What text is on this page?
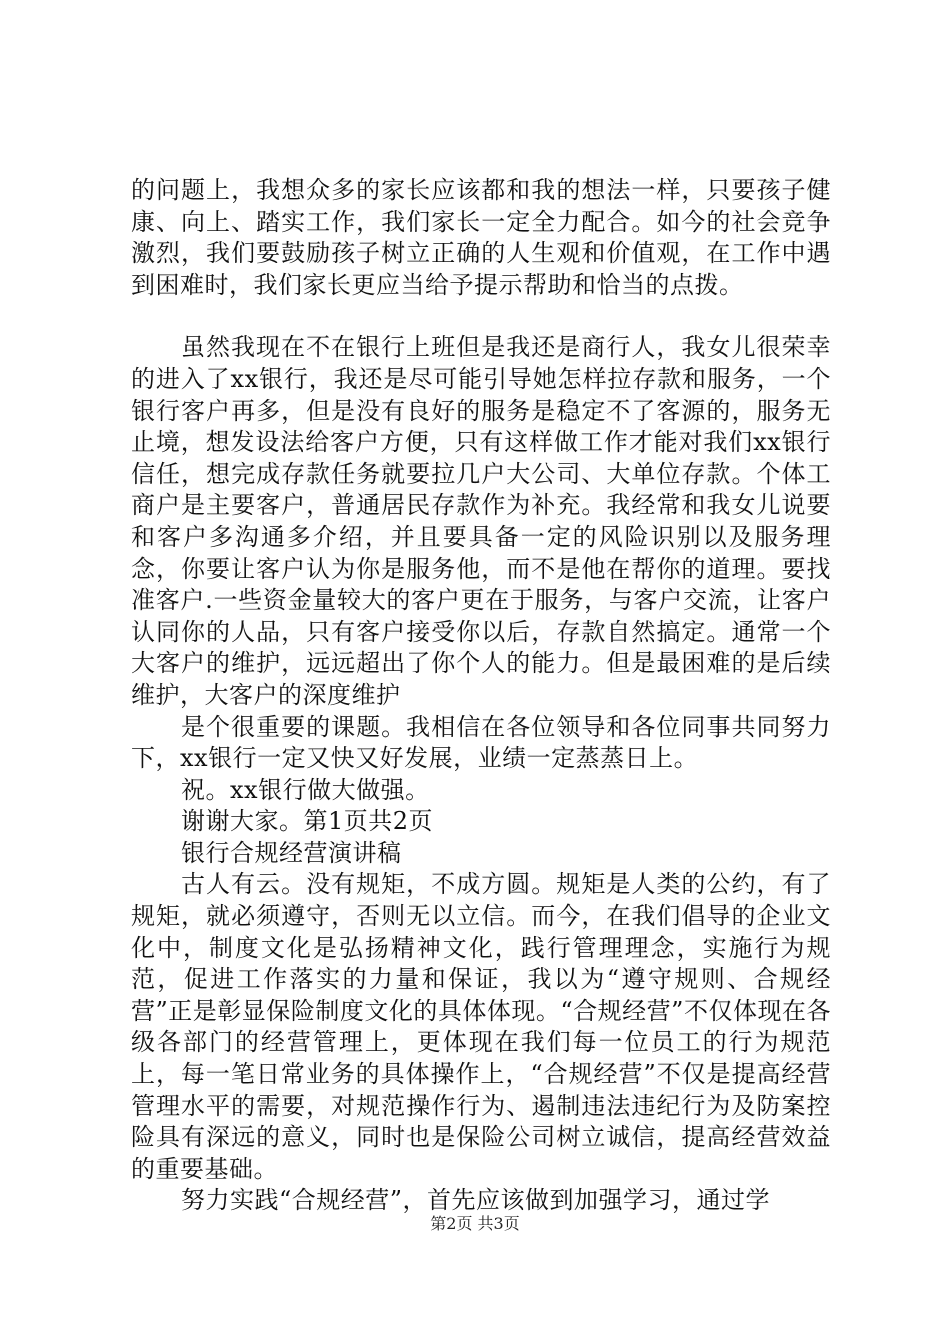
的问题上，我想众多的家长应该都和我的想法一样，只要孩子健康、向上、踏实工作，我们家长一定全力配合。如今的社会竞争激烈，我们要鼓励孩子树立正确的人生观和价值观，在工作中遇到困难时，我们家长更应当给予提示帮助和恰当的点拨。

虽然我现在不在银行上班但是我还是商行人，我女儿很荣幸的进入了xx银行，我还是尽可能引导她怎样拉存款和服务，一个银行客户再多，但是没有良好的服务是稳定不了客源的，服务无止境，想发设法给客户方便，只有这样做工作才能对我们xx银行信任，想完成存款任务就要拉几户大公司、大单位存款。个体工商户是主要客户，普通居民存款作为补充。我经常和我女儿说要和客户多沟通多介绍，并且要具备一定的风险识别以及服务理念，你要让客户认为你是服务他，而不是他在帮你的道理。要找准客户.一些资金量较大的客户更在于服务，与客户交流，让客户认同你的人品，只有客户接受你以后，存款自然搞定。通常一个大客户的维护，远远超出了你个人的能力。但是最困难的是后续维护，大客户的深度维护

是个很重要的课题。我相信在各位领导和各位同事共同努力下，xx银行一定又快又好发展，业绩一定蒸蒸日上。

祝。xx银行做大做强。

谢谢大家。第1页共2页

银行合规经营演讲稿

古人有云。没有规矩，不成方圆。规矩是人类的公约，有了规矩，就必须遵守，否则无以立信。而今，在我们倡导的企业文化中，制度文化是弘扬精神文化，践行管理理念，实施行为规范，促进工作落实的力量和保证，我以为“遵守规则、合规经营”正是彰显保险制度文化的具体体现。“合规经营”不仅体现在各级各部门的经营管理上，更体现在我们每一位员工的行为规范上，每一笔日常业务的具体操作上，“合规经营”不仅是提高经营管理水平的需要，对规范操作行为、遏制违法违纪行为及防案控险具有深远的意义，同时也是保险公司树立诚信，提高经营效益的重要基础。

努力实践“合规经营”，首先应该做到加强学习，通过学

第2页 共3页
